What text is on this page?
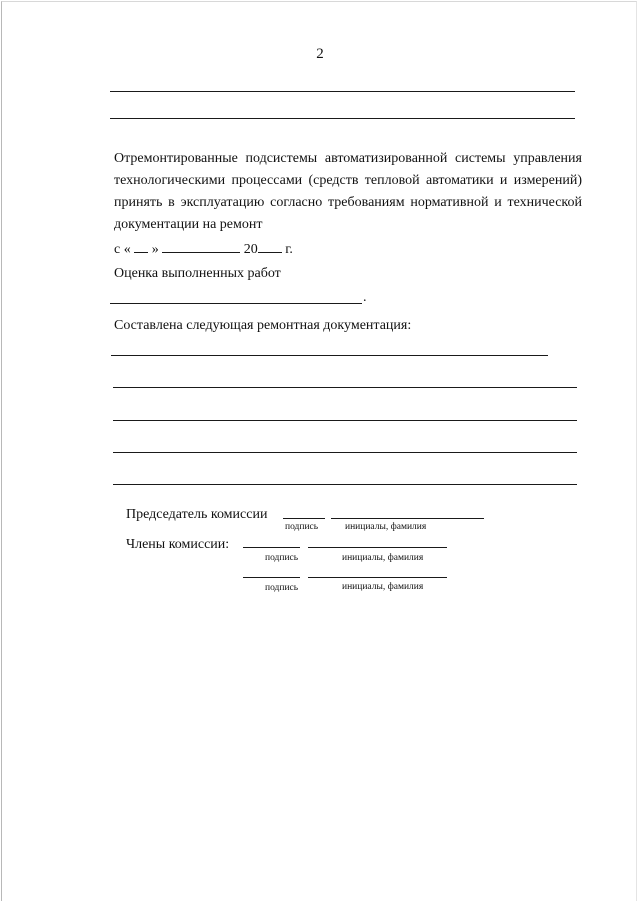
2
Отремонтированные подсистемы автоматизированной системы управления технологическими процессами (средств тепловой автоматики и измерений) принять в эксплуатацию согласно требованиям нормативной и технической документации на ремонт
с « »	20 г.
Оценка выполненных работ
.
Составлена следующая ремонтная документация:
Председатель комиссии
подпись	инициалы, фамилия
Члены комиссии:
подпись	инициалы, фамилия
подпись	инициалы, фамилия
